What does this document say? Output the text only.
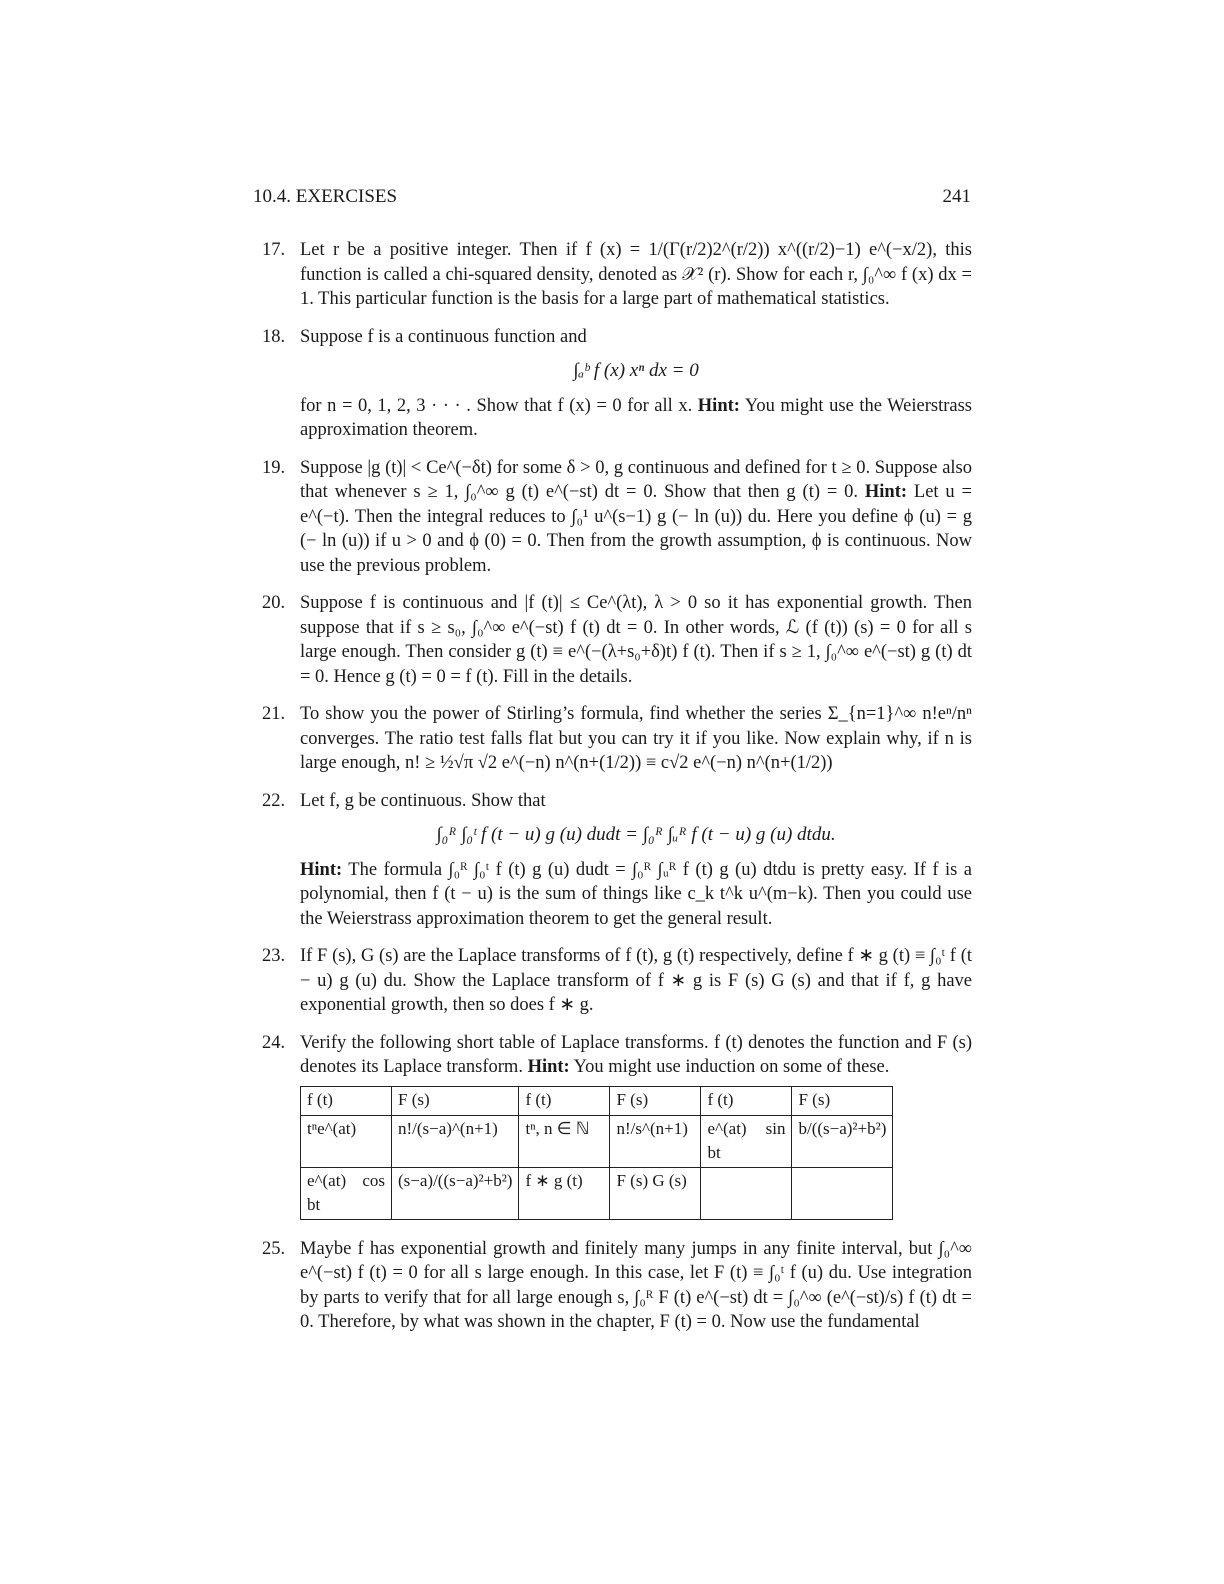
10.4. EXERCISES	241
17. Let r be a positive integer. Then if f (x) = 1/(Γ(r/2)2^(r/2)) x^((r/2)−1) e^(−x/2), this function is called a chi-squared density, denoted as 𝒳² (r). Show for each r, ∫₀^∞ f (x) dx = 1. This particular function is the basis for a large part of mathematical statistics.
18. Suppose f is a continuous function and
∫ₐᵇ f (x) xⁿ dx = 0
for n = 0, 1, 2, 3 · · · . Show that f (x) = 0 for all x. Hint: You might use the Weierstrass approximation theorem.
19. Suppose |g (t)| < Ce^(−δt) for some δ > 0, g continuous and defined for t ≥ 0. Suppose also that whenever s ≥ 1, ∫₀^∞ g (t) e^(−st) dt = 0. Show that then g (t) = 0. Hint: Let u = e^(−t). Then the integral reduces to ∫₀¹ u^(s−1) g (− ln (u)) du. Here you define ϕ (u) = g (− ln (u)) if u > 0 and ϕ (0) = 0. Then from the growth assumption, ϕ is continuous. Now use the previous problem.
20. Suppose f is continuous and |f (t)| ≤ Ce^(λt), λ > 0 so it has exponential growth. Then suppose that if s ≥ s₀, ∫₀^∞ e^(−st) f (t) dt = 0. In other words, ℒ (f (t)) (s) = 0 for all s large enough. Then consider g (t) ≡ e^(−(λ+s₀+δ)t) f (t). Then if s ≥ 1, ∫₀^∞ e^(−st) g (t) dt = 0. Hence g (t) = 0 = f (t). Fill in the details.
21. To show you the power of Stirling’s formula, find whether the series Σ_{n=1}^∞ n!eⁿ/nⁿ converges. The ratio test falls flat but you can try it if you like. Now explain why, if n is large enough, n! ≥ ½√π √2 e^(−n) n^(n+(1/2)) ≡ c√2 e^(−n) n^(n+(1/2))
22. Let f, g be continuous. Show that
∫₀ᴿ ∫₀ᵗ f (t − u) g (u) dudt = ∫₀ᴿ ∫ᵤᴿ f (t − u) g (u) dtdu.
Hint: The formula ∫₀ᴿ ∫₀ᵗ f (t) g (u) dudt = ∫₀ᴿ ∫ᵤᴿ f (t) g (u) dtdu is pretty easy. If f is a polynomial, then f (t − u) is the sum of things like c_k t^k u^(m−k). Then you could use the Weierstrass approximation theorem to get the general result.
23. If F (s), G (s) are the Laplace transforms of f (t), g (t) respectively, define f ∗ g (t) ≡ ∫₀ᵗ f (t − u) g (u) du. Show the Laplace transform of f ∗ g is F (s) G (s) and that if f, g have exponential growth, then so does f ∗ g.
24. Verify the following short table of Laplace transforms. f (t) denotes the function and F (s) denotes its Laplace transform. Hint: You might use induction on some of these.
f (t)	F (s)	f (t)	F (s)	f (t)	F (s)
tⁿe^(at)	n!/(s−a)^(n+1)	tⁿ, n ∈ ℕ	n!/s^(n+1)	e^(at) sin bt	b/((s−a)²+b²)
e^(at) cos bt	(s−a)/((s−a)²+b²)	f ∗ g (t)	F (s) G (s)		
25. Maybe f has exponential growth and finitely many jumps in any finite interval, but ∫₀^∞ e^(−st) f (t) = 0 for all s large enough. In this case, let F (t) ≡ ∫₀ᵗ f (u) du. Use integration by parts to verify that for all large enough s, ∫₀ᴿ F (t) e^(−st) dt = ∫₀^∞ (e^(−st)/s) f (t) dt = 0. Therefore, by what was shown in the chapter, F (t) = 0. Now use the fundamental
